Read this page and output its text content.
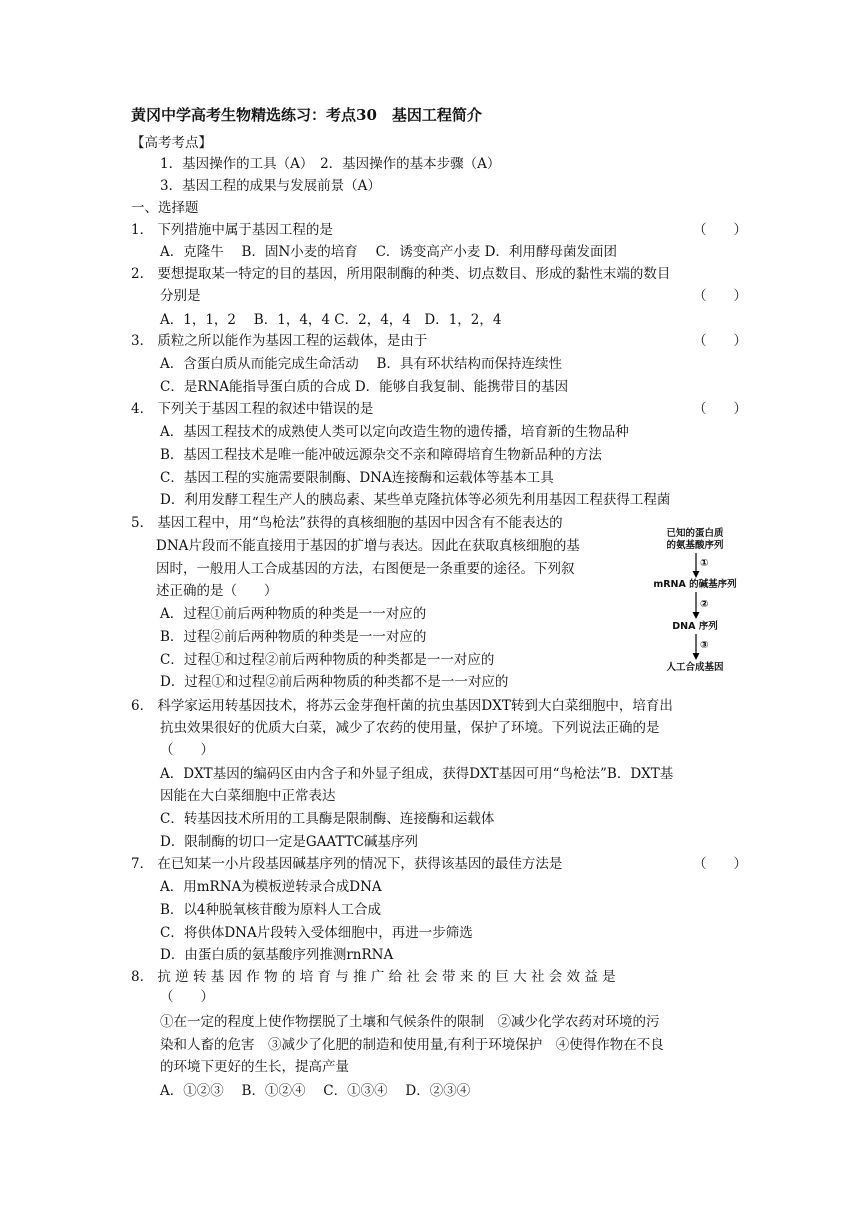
黄冈中学高考生物精选练习：考点30　基因工程简介
【高考考点】
1．基因操作的工具（A）　2．基因操作的基本步骤（A）
3．基因工程的成果与发展前景（A）
一、选择题
1． 下列措施中属于基因工程的是	（　　）
A．克隆牛　 B．固N小麦的培育　 C．诱变高产小麦 D．利用酵母菌发面团
2． 要想提取某一特定的目的基因，所用限制酶的种类、切点数目、形成的黏性末端的数目
分别是	（　　）
A．1，1，2　 B．1，4，4 C．2，4，4　D．1，2，4
3． 质粒之所以能作为基因工程的运载体，是由于	（　　）
A．含蛋白质从而能完成生命活动　 B．具有环状结构而保持连续性
C．是RNA能指导蛋白质的合成 D．能够自我复制、能携带目的基因
4． 下列关于基因工程的叙述中错误的是	（　　）
A．基因工程技术的成熟使人类可以定向改造生物的遗传播，培育新的生物品种
B．基因工程技术是唯一能冲破远源杂交不亲和障碍培育生物新品种的方法
C．基因工程的实施需要限制酶、DNA连接酶和运载体等基本工具
D．利用发酵工程生产人的胰岛素、某些单克隆抗体等必须先利用基因工程获得工程菌
5． 基因工程中，用“鸟枪法”获得的真核细胞的基因中因含有不能表达的
DNA片段而不能直接用于基因的扩增与表达。因此在获取真核细胞的基
因时，一般用人工合成基因的方法，右图便是一条重要的途径。下列叙
述正确的是（　　）
A．过程①前后两种物质的种类是一一对应的
B．过程②前后两种物质的种类是一一对应的
C．过程①和过程②前后两种物质的种类都是一一对应的
D．过程①和过程②前后两种物质的种类都不是一一对应的
已知的蛋白质
的氨基酸序列
①
mRNA 的碱基序列
②
DNA 序列
③
人工合成基因
6． 科学家运用转基因技术，将苏云金芽孢杆菌的抗虫基因DXT转到大白菜细胞中，培育出
抗虫效果很好的优质大白菜，减少了农药的使用量，保护了环境。下列说法正确的是
（　　）
A．DXT基因的编码区由内含子和外显子组成，获得DXT基因可用“鸟枪法”B．DXT基
因能在大白菜细胞中正常表达
C．转基因技术所用的工具酶是限制酶、连接酶和运载体
D．限制酶的切口一定是GAATTC碱基序列
7． 在已知某一小片段基因碱基序列的情况下，获得该基因的最佳方法是	（　　）
A．用mRNA为模板逆转录合成DNA
B．以4种脱氧核苷酸为原料人工合成
C．将供体DNA片段转入受体细胞中，再进一步筛选
D．由蛋白质的氨基酸序列推测rnRNA
8． 抗 逆 转 基 因 作 物 的 培 育 与 推 广 给 社 会 带 来 的 巨 大 社 会 效 益 是
（　　）
①在一定的程度上使作物摆脱了土壤和气候条件的限制　②减少化学农药对环境的污
染和人畜的危害　③减少了化肥的制造和使用量,有利于环境保护　④使得作物在不良
的环境下更好的生长，提高产量
A．①②③　 B．①②④　 C．①③④　 D．②③④
